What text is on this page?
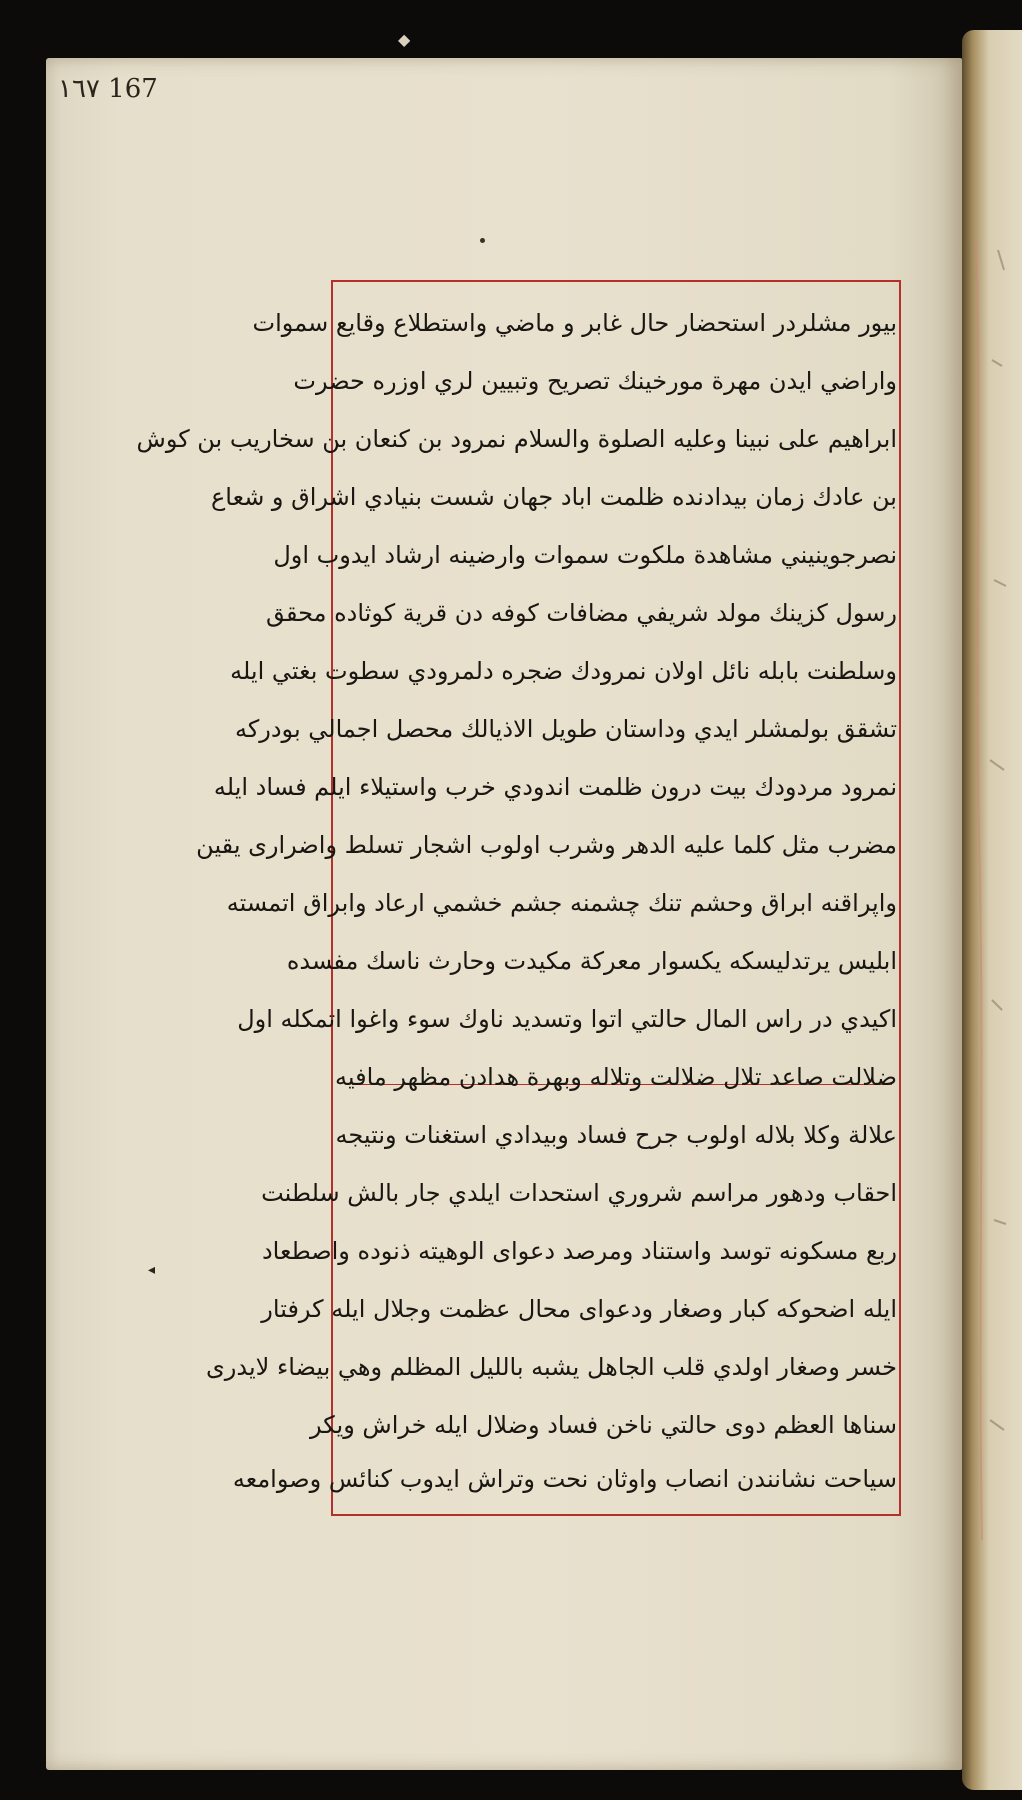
◆
١٦٧ 167
◂
بيور مشلردر استحضار حال غابر و ماضي واستطلاع وقايع سموات
واراضي ايدن مهرة مورخينك تصريح وتبيين لري اوزره حضرت
ابراهيم على نبينا وعليه الصلوة والسلام نمرود بن كنعان بن سخاريب بن كوش
بن عادك زمان بيدادنده ظلمت اباد جهان شست بنيادي اشراق و شعاع
نصرجوينيني مشاهدة ملكوت سموات وارضينه ارشاد ايدوب اول
رسول كزينك مولد شريفي مضافات كوفه دن قرية كوثاده محقق
وسلطنت بابله نائل اولان نمرودك ضجره دلمرودي سطوت بغتي ايله
تشقق بولمشلر ايدي وداستان طويل الاذيالك محصل اجمالي بودركه
نمرود مردودك بيت درون ظلمت اندودي خرب واستيلاء ايلم فساد ايله
مضرب مثل كلما عليه الدهر وشرب اولوب اشجار تسلط واضرارى يقين
واپراقنه ابراق وحشم تنك چشمنه جشم خشمي ارعاد وابراق اتمسته
ابليس يرتدليسكه يكسوار معركة مكيدت وحارث ناسك مفسده
اكيدي در راس المال حالتي اتوا وتسديد ناوك سوء واغوا اتمكله اول
ضلالت صاعد تلال ضلالت وتلاله وبهرة هدادن مظهر مافيه
علالة وكلا بلاله اولوب جرح فساد وبيدادي استغنات ونتيجه
احقاب ودهور مراسم شروري استحدات ايلدي جار بالش سلطنت
ربع مسكونه توسد واستناد ومرصد دعواى الوهيته ذنوده واصطعاد
ايله اضحوكه كبار وصغار ودعواى محال عظمت وجلال ايله كرفتار
خسر وصغار اولدي قلب الجاهل يشبه بالليل المظلم وهي بيضاء لايدرى
سناها العظم دوى حالتي ناخن فساد وضلال ايله خراش ويكر
سياحت نشانندن انصاب واوثان نحت وتراش ايدوب كنائس وصوامعه
